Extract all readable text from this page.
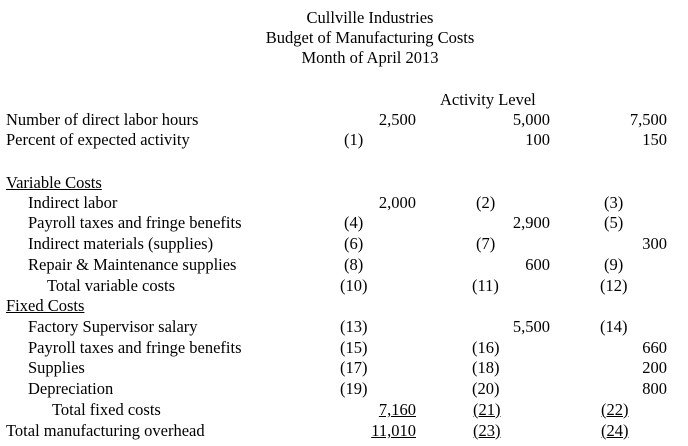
Cullville Industries
Budget of Manufacturing Costs
Month of April 2013
Activity Level
Number of direct labor hours	2,500	5,000	7,500
Percent of expected activity	(1)	100	150
Variable Costs
Indirect labor	2,000	(2)	(3)
Payroll taxes and fringe benefits	(4)	2,900	(5)
Indirect materials (supplies)	(6)	(7)	300
Repair & Maintenance supplies	(8)	600	(9)
Total variable costs	(10)	(11)	(12)
Fixed Costs
Factory Supervisor salary	(13)	5,500	(14)
Payroll taxes and fringe benefits	(15)	(16)	660
Supplies	(17)	(18)	200
Depreciation	(19)	(20)	800
Total fixed costs	7,160	(21)	(22)
Total manufacturing overhead	11,010	(23)	(24)
